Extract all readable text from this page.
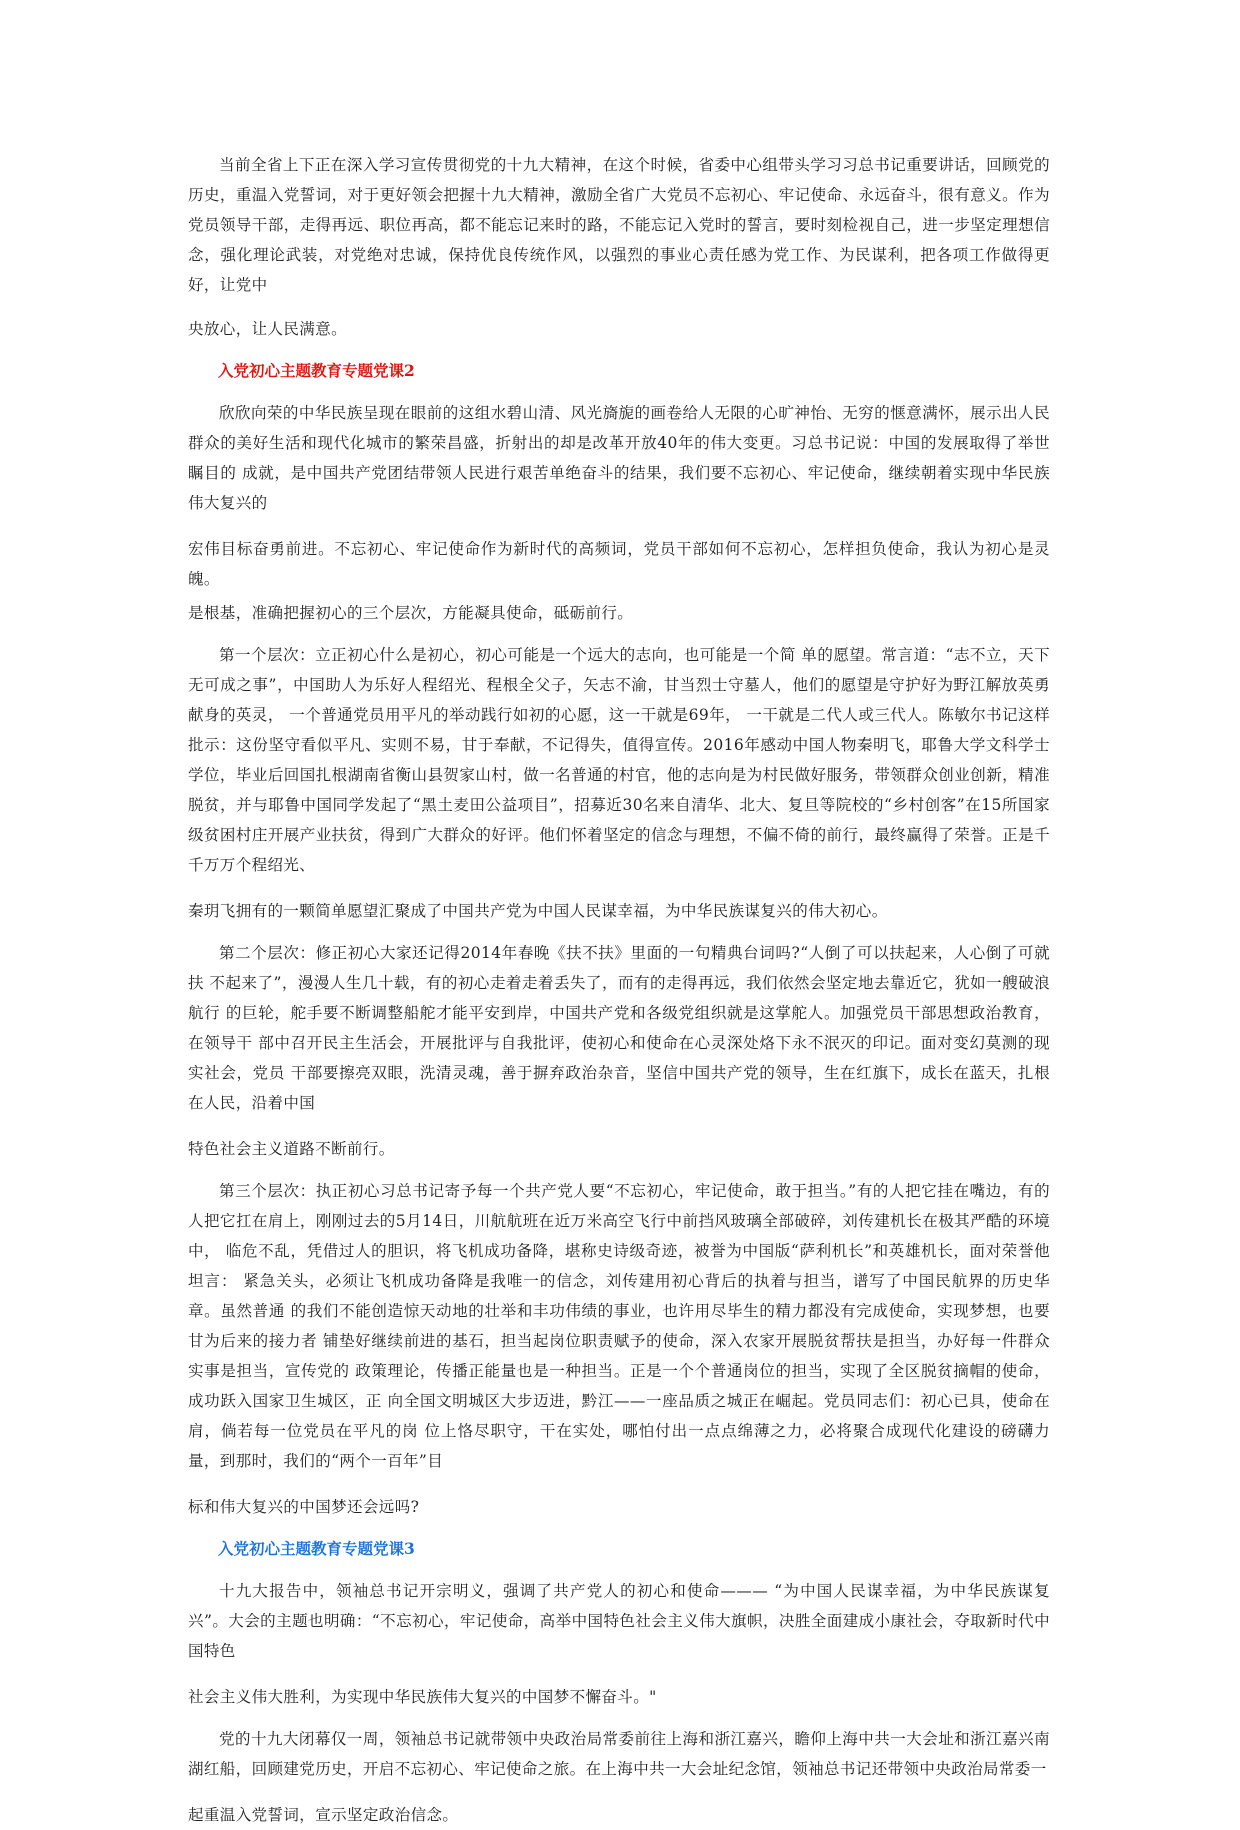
当前全省上下正在深入学习宣传贯彻党的十九大精神，在这个时候，省委中心组带头学习习总书记重要讲话，回顾党的历史，重温入党誓词，对于更好领会把握十九大精神，激励全省广大党员不忘初心、牢记使命、永远奋斗，很有意义。作为党员领导干部，走得再远、职位再高，都不能忘记来时的路，不能忘记入党时的誓言，要时刻检视自己，进一步坚定理想信念，强化理论武装，对党绝对忠诚，保持优良传统作风，以强烈的事业心责任感为党工作、为民谋利，把各项工作做得更好，让党中

央放心，让人民满意。

入党初心主题教育专题党课2

欣欣向荣的中华民族呈现在眼前的这组水碧山清、风光旖旎的画卷给人无限的心旷神怡、无穷的惬意满怀，展示出人民群众的美好生活和现代化城市的繁荣昌盛，折射出的却是改革开放40年的伟大变更。习总书记说：中国的发展取得了举世瞩目的 成就，是中国共产党团结带领人民进行艰苦单绝奋斗的结果，我们要不忘初心、牢记使命，继续朝着实现中华民族伟大复兴的

宏伟目标奋勇前进。不忘初心、牢记使命作为新时代的高频词，党员干部如何不忘初心，怎样担负使命，我认为初心是灵魄。

是根基，准确把握初心的三个层次，方能凝具使命，砥砺前行。

第一个层次：立正初心什么是初心，初心可能是一个远大的志向，也可能是一个简 单的愿望。常言道：“志不立，天下无可成之事”，中国助人为乐好人程绍光、程根全父子，矢志不渝，甘当烈士守墓人，他们的愿望是守护好为野江解放英勇献身的英灵， 一个普通党员用平凡的举动践行如初的心愿，这一干就是69年， 一干就是二代人或三代人。陈敏尔书记这样批示：这份坚守看似平凡、实则不易，甘于奉献，不记得失，值得宣传。2016年感动中国人物秦明飞，耶鲁大学文科学士学位，毕业后回国扎根湖南省衡山县贺家山村，做一名普通的村官，他的志向是为村民做好服务，带领群众创业创新，精准脱贫，并与耶鲁中国同学发起了“黑土麦田公益项目”，招募近30名来自清华、北大、复旦等院校的“乡村创客”在15所国家级贫困村庄开展产业扶贫，得到广大群众的好评。他们怀着坚定的信念与理想，不偏不倚的前行，最终赢得了荣誉。正是千千万万个程绍光、

秦玥飞拥有的一颗简单愿望汇聚成了中国共产党为中国人民谋幸福，为中华民族谋复兴的伟大初心。

第二个层次：修正初心大家还记得2014年春晚《扶不扶》里面的一句精典台词吗?“人倒了可以扶起来，人心倒了可就扶 不起来了”，漫漫人生几十载，有的初心走着走着丢失了，而有的走得再远，我们依然会坚定地去靠近它，犹如一艘破浪航行 的巨轮，舵手要不断调整船舵才能平安到岸，中国共产党和各级党组织就是这掌舵人。加强党员干部思想政治教育，在领导干 部中召开民主生活会，开展批评与自我批评，使初心和使命在心灵深处烙下永不泯灭的印记。面对变幻莫测的现实社会，党员 干部要擦亮双眼，洗清灵魂，善于摒弃政治杂音，坚信中国共产党的领导，生在红旗下，成长在蓝天，扎根在人民，沿着中国

特色社会主义道路不断前行。

第三个层次：执正初心习总书记寄予每一个共产党人要“不忘初心，牢记使命，敢于担当。”有的人把它挂在嘴边，有的人把它扛在肩上，刚刚过去的5月14日，川航航班在近万米高空飞行中前挡风玻璃全部破碎，刘传建机长在极其严酷的环境中， 临危不乱，凭借过人的胆识，将飞机成功备降，堪称史诗级奇迹，被誉为中国版“萨利机长”和英雄机长，面对荣誉他坦言： 紧急关头，必须让飞机成功备降是我唯一的信念，刘传建用初心背后的执着与担当，谱写了中国民航界的历史华章。虽然普通 的我们不能创造惊天动地的壮举和丰功伟绩的事业，也许用尽毕生的精力都没有完成使命，实现梦想，也要甘为后来的接力者 铺垫好继续前进的基石，担当起岗位职责赋予的使命，深入农家开展脱贫帮扶是担当，办好每一件群众实事是担当，宣传党的 政策理论，传播正能量也是一种担当。正是一个个普通岗位的担当，实现了全区脱贫摘帽的使命，成功跃入国家卫生城区，正 向全国文明城区大步迈进，黔江——一座品质之城正在崛起。党员同志们：初心已具，使命在肩，倘若每一位党员在平凡的岗 位上恪尽职守，干在实处，哪怕付出一点点绵薄之力，必将聚合成现代化建设的磅礴力量，到那时，我们的“两个一百年”目

标和伟大复兴的中国梦还会远吗?

入党初心主题教育专题党课3

十九大报告中，领袖总书记开宗明义，强调了共产党人的初心和使命——— “为中国人民谋幸福，为中华民族谋复兴”。大会的主题也明确：“不忘初心，牢记使命，高举中国特色社会主义伟大旗帜，决胜全面建成小康社会，夺取新时代中国特色

社会主义伟大胜利，为实现中华民族伟大复兴的中国梦不懈奋斗。"

党的十九大闭幕仅一周，领袖总书记就带领中央政治局常委前往上海和浙江嘉兴，瞻仰上海中共一大会址和浙江嘉兴南湖红船，回顾建党历史，开启不忘初心、牢记使命之旅。在上海中共一大会址纪念馆，领袖总书记还带领中央政治局常委一

起重温入党誓词，宣示坚定政治信念。
